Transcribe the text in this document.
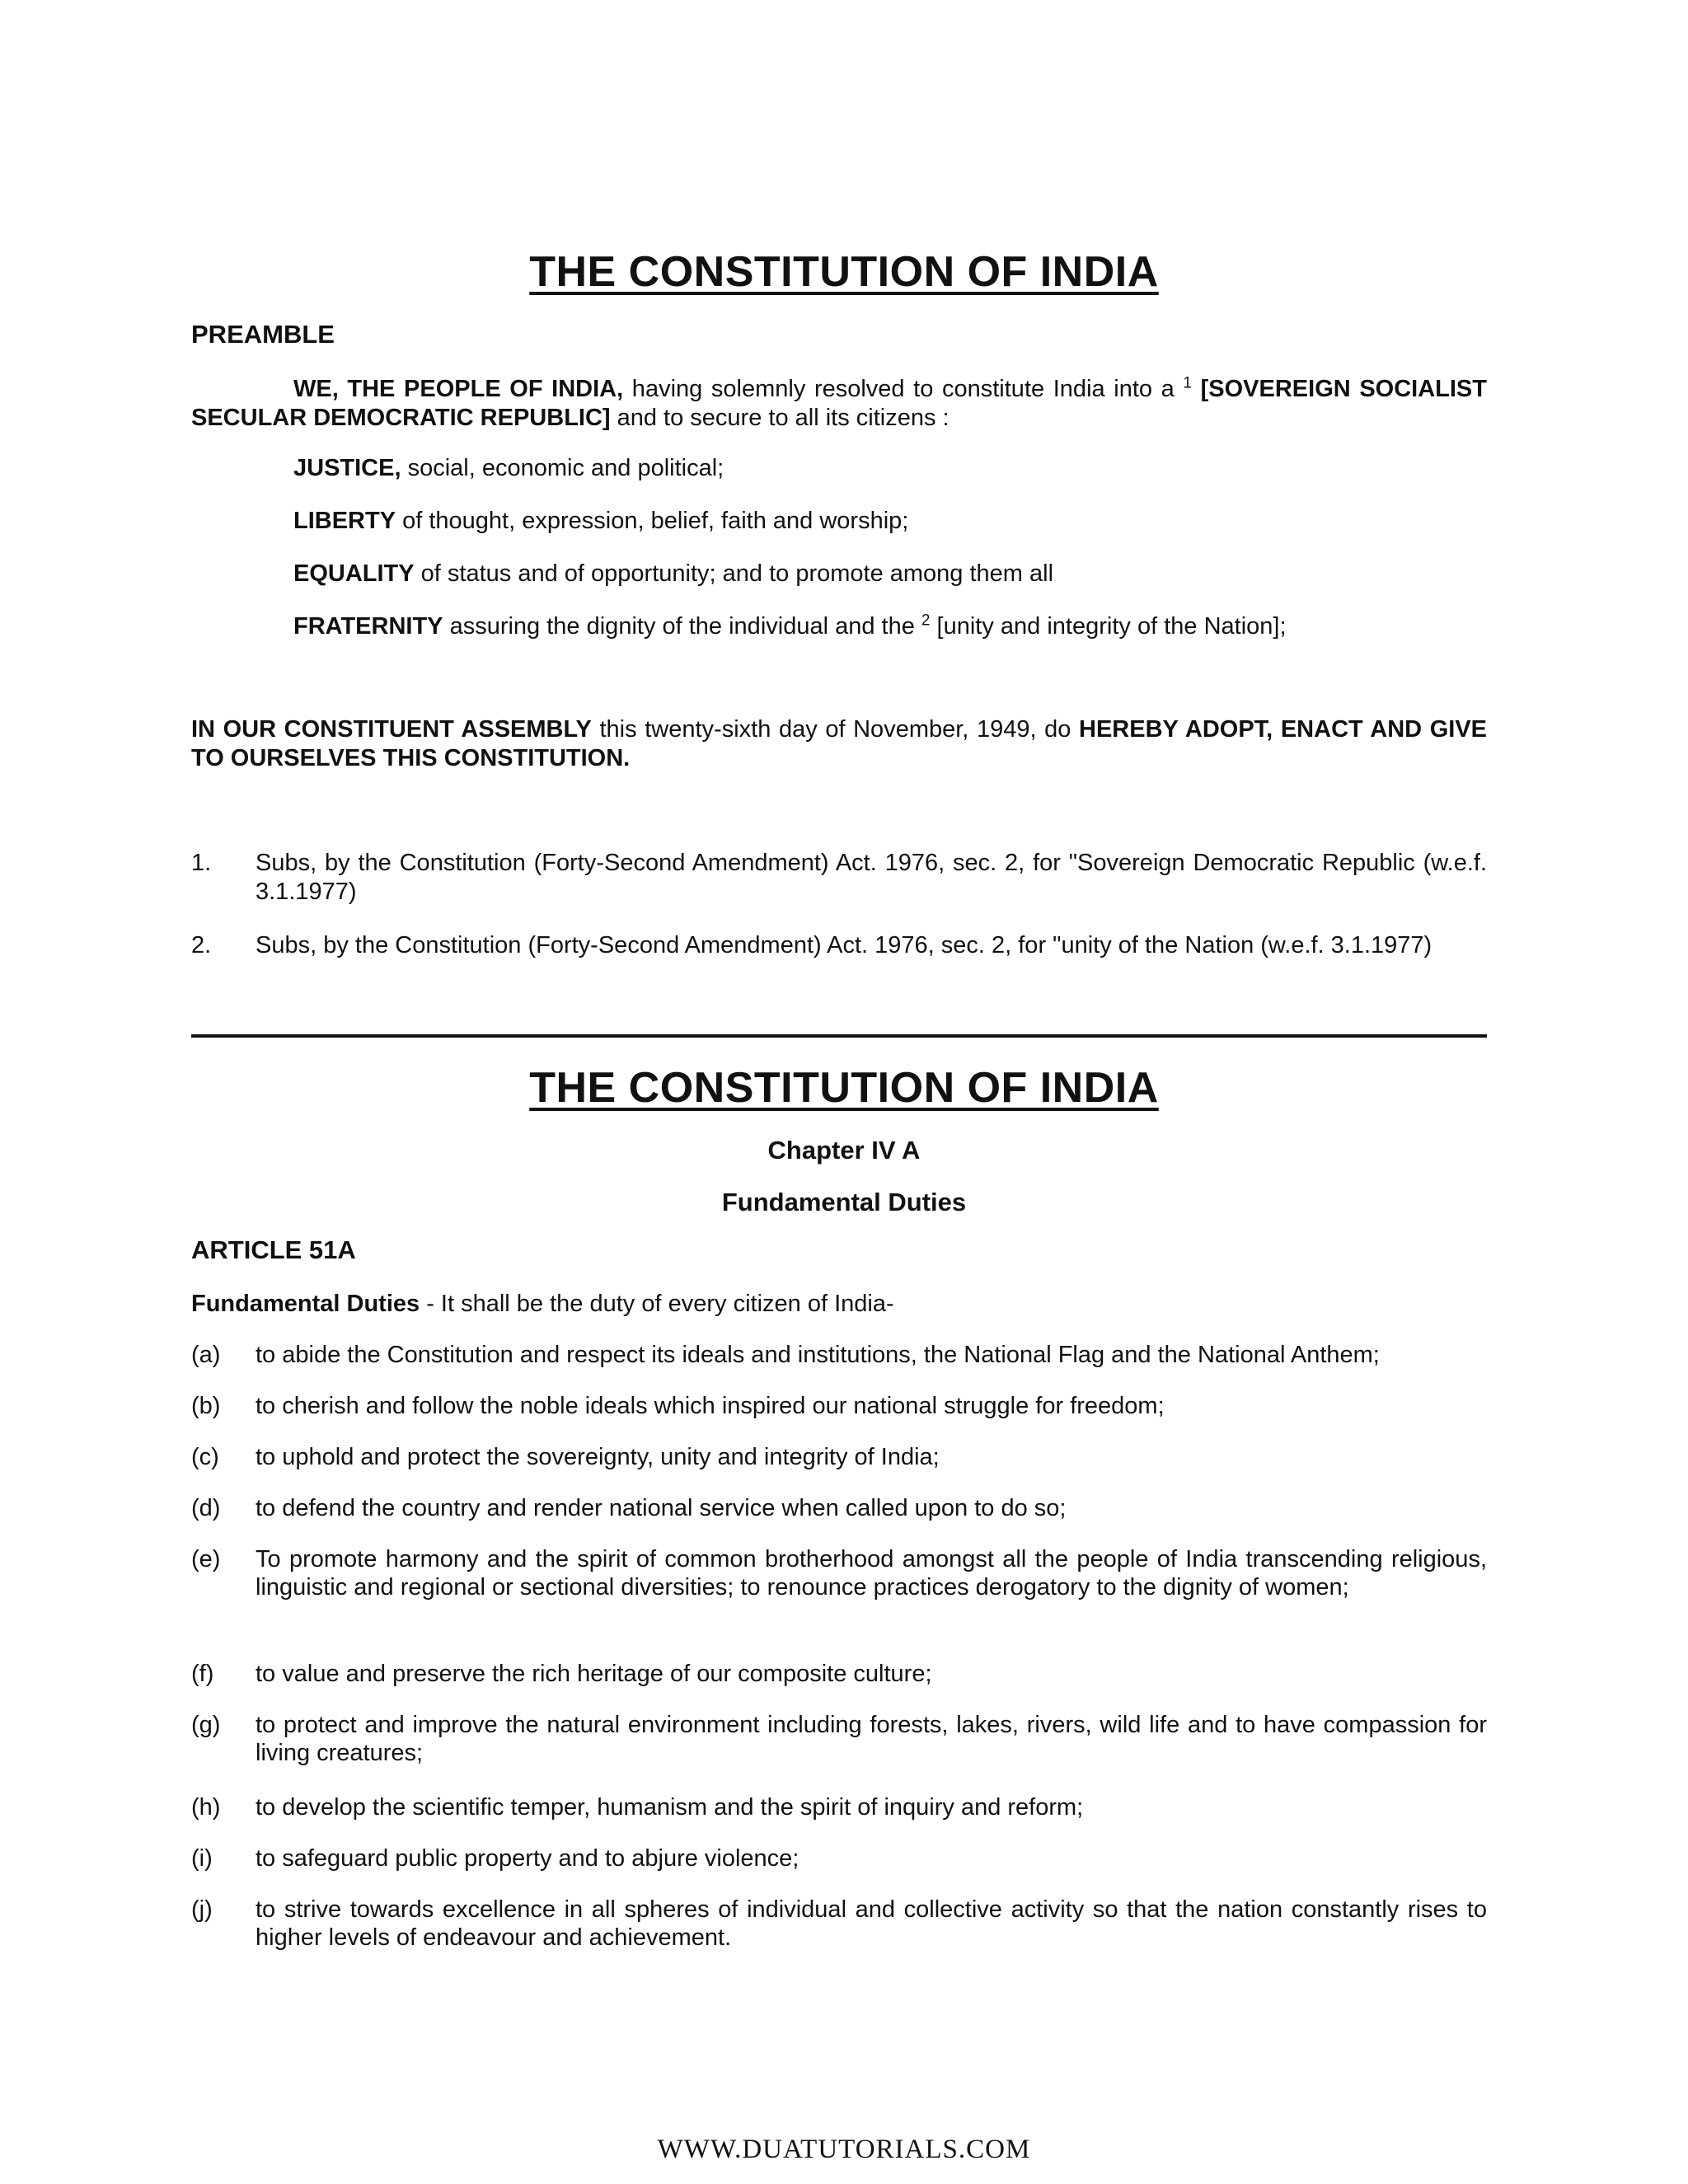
THE CONSTITUTION OF INDIA
PREAMBLE

WE, THE PEOPLE OF INDIA, having solemnly resolved to constitute India into a $^1$ [SOVEREIGN SOCIALIST SECULAR DEMOCRATIC REPUBLIC] and to secure to all its citizens :

JUSTICE, social, economic and political;

LIBERTY of thought, expression, belief, faith and worship;

EQUALITY of status and of opportunity; and to promote among them all

FRATERNITY assuring the dignity of the individual and the $^2$ [unity and integrity of the Nation];

IN OUR CONSTITUENT ASSEMBLY this twenty-sixth day of November, 1949, do HEREBY ADOPT, ENACT AND GIVE TO OURSELVES THIS CONSTITUTION.

1. Subs, by the Constitution (Forty-Second Amendment) Act. 1976, sec. 2, for "Sovereign Democratic Republic (w.e.f. 3.1.1977)
2. Subs, by the Constitution (Forty-Second Amendment) Act. 1976, sec. 2, for "unity of the Nation (w.e.f. 3.1.1977)
THE CONSTITUTION OF INDIA
Chapter IV A
Fundamental Duties
ARTICLE 51A

Fundamental Duties - It shall be the duty of every citizen of India-

(a) to abide the Constitution and respect its ideals and institutions, the National Flag and the National Anthem;
(b) to cherish and follow the noble ideals which inspired our national struggle for freedom;
(c) to uphold and protect the sovereignty, unity and integrity of India;
(d) to defend the country and render national service when called upon to do so;
(e) To promote harmony and the spirit of common brotherhood amongst all the people of India transcending religious, linguistic and regional or sectional diversities; to renounce practices derogatory to the dignity of women;
(f) to value and preserve the rich heritage of our composite culture;
(g) to protect and improve the natural environment including forests, lakes, rivers, wild life and to have compassion for living creatures;
(h) to develop the scientific temper, humanism and the spirit of inquiry and reform;
(i) to safeguard public property and to abjure violence;
(j) to strive towards excellence in all spheres of individual and collective activity so that the nation constantly rises to higher levels of endeavour and achievement.
WWW.DUATUTORIALS.COM
